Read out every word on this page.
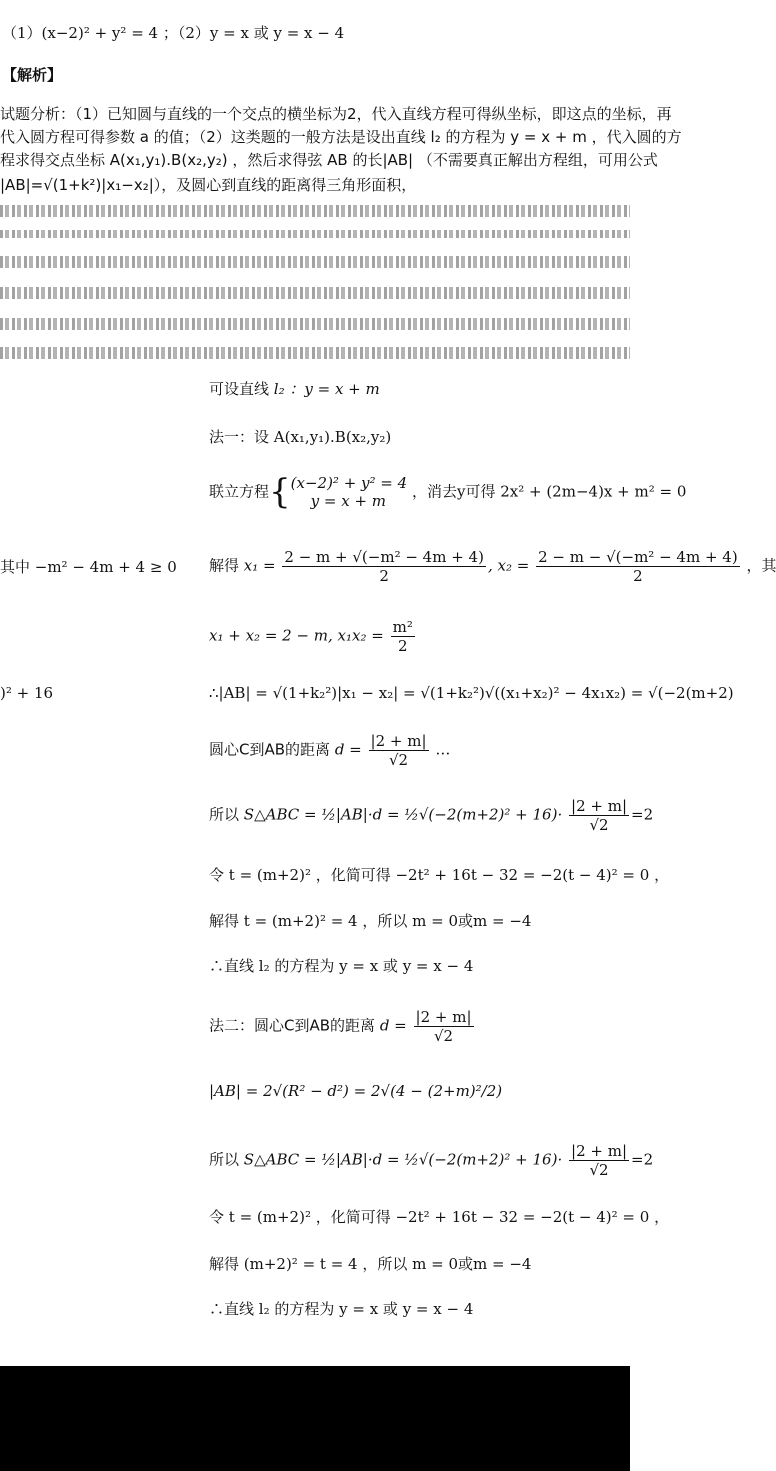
（1）(x−2)² + y² = 4 ；（2）y = x 或 y = x − 4
【解析】
试题分析：（1）已知圆与直线的一个交点的横坐标为2，代入直线方程可得纵坐标，即这点的坐标，再
代入圆方程可得参数 a 的值；（2）这类题的一般方法是设出直线 l₂ 的方程为 y = x + m ，代入圆的方
程求得交点坐标 A(x₁,y₁).B(x₂,y₂) ，然后求得弦 AB 的长|AB| （不需要真正解出方程组，可用公式
|AB|=√(1+k²)|x₁−x₂|），及圆心到直线的距离得三角形面积，
其中 −m² − 4m + 4 ≥ 0
)² + 16
可设直线 l₂ ：y = x + m
法一：设 A(x₁,y₁).B(x₂,y₂)
联立方程{ (x−2)² + y² = 4
y = x + m
，消去y可得 2x² + (2m−4)x + m² = 0
解得 $x_1 = \frac{\text{2 − m + √(−m² − 4m + 4)}}{2}$ , $x_2 = \frac{\text{2 − m − √(−m² − 4m + 4)}}{2}$ ，其
x₁ + x₂ = 2 − m, $x_1x_2 = \frac{\text{m²}}{2}$
∴|AB| = √(1+k₂²)|x₁ − x₂| = √(1+k₂²)√((x₁+x₂)² − 4x₁x₂) = √(−2(m+2)
圆心C到AB的距离 $d = \frac{|2 + m|}{√2}$ …
所以 S△ABC = ½|AB|·d = ½√(−2(m+2)² + $16)\cdot \frac{|2 + m|}{√2} =2$
令 t = (m+2)² ，化简可得 −2t² + 16t − 32 = −2(t − 4)² = 0 ，
解得 t = (m+2)² = 4 ，所以 m = 0或m = −4
∴直线 l₂ 的方程为 y = x 或 y = x − 4
法二：圆心C到AB的距离 $d = \frac{|2 + m|}{√2}$
|AB| = 2√(R² − d²) = 2√(4 − (2+m)²/2)
所以 S△ABC = ½|AB|·d = ½√(−2(m+2)² + $16)\cdot \frac{|2 + m|}{√2} =2$
令 t = (m+2)² ，化简可得 −2t² + 16t − 32 = −2(t − 4)² = 0 ，
解得 (m+2)² = t = 4 ，所以 m = 0或m = −4
∴直线 l₂ 的方程为 y = x 或 y = x − 4
